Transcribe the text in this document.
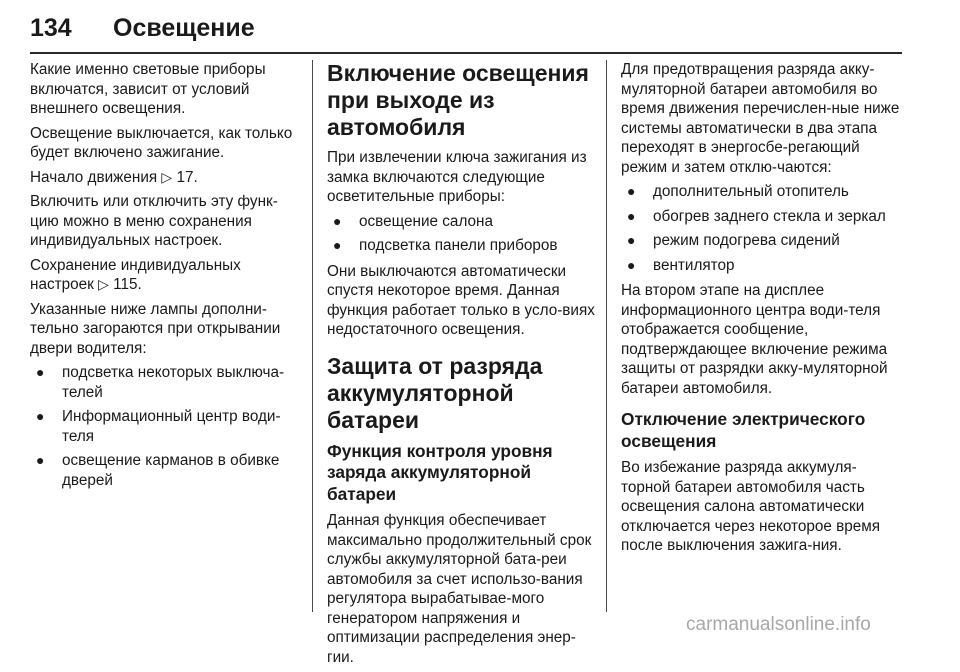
134 Освещение

Какие именно световые приборы включатся, зависит от условий внешнего освещения.

Освещение выключается, как только будет включено зажигание.

Начало движения ▷ 17.

Включить или отключить эту функ-цию можно в меню сохранения индивидуальных настроек.

Сохранение индивидуальных настроек ▷ 115.

Указанные ниже лампы дополни-тельно загораются при открывании двери водителя:

● подсветка некоторых выключа-телей
● Информационный центр води-теля
● освещение карманов в обивке дверей
Включение освещения при выходе из автомобиля

При извлечении ключа зажигания из замка включаются следующие осветительные приборы:

● освещение салона
● подсветка панели приборов

Они выключаются автоматически спустя некоторое время. Данная функция работает только в усло-виях недостаточного освещения.

Защита от разряда аккумуляторной батареи
Функция контроля уровня заряда аккумуляторной батареи

Данная функция обеспечивает максимально продолжительный срок службы аккумуляторной бата-реи автомобиля за счет использо-вания регулятора вырабатывае-мого генератором напряжения и оптимизации распределения энер-гии.

Для предотвращения разряда акку-муляторной батареи автомобиля во время движения перечислен-ные ниже системы автоматически в два этапа переходят в энергосбе-регающий режим и затем отклю-чаются:

● дополнительный отопитель
● обогрев заднего стекла и зеркал
● режим подогрева сидений
● вентилятор

На втором этапе на дисплее информационного центра води-теля отображается сообщение, подтверждающее включение режима защиты от разрядки акку-муляторной батареи автомобиля.

Отключение электрического освещения

Во избежание разряда аккумуля-торной батареи автомобиля часть освещения салона автоматически отключается через некоторое время после выключения зажига-ния.

carmanualsonline.info
